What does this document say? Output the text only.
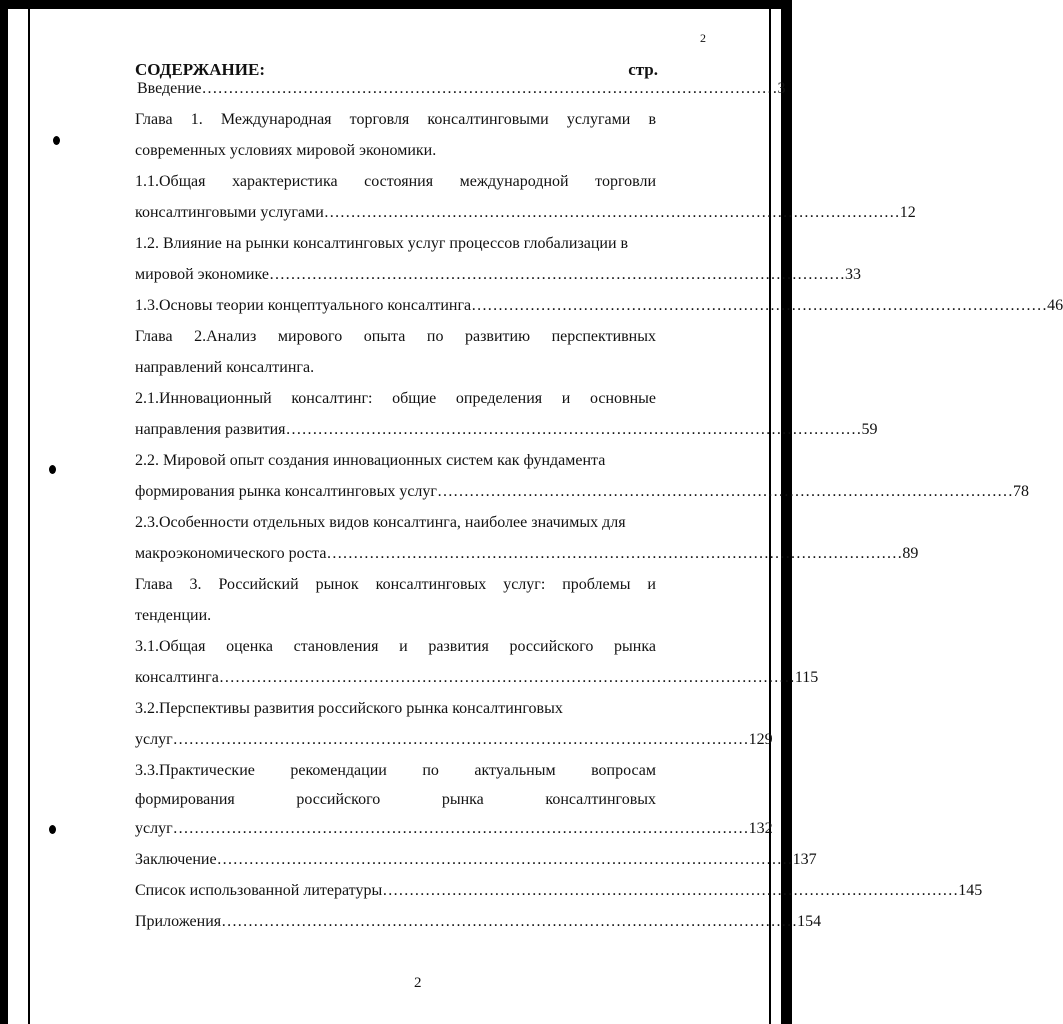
2
СОДЕРЖАНИЕ:	стр.
Введение ……………………………………………………………………………………………… 3
Глава 1. Международная торговля консалтинговыми услугами в
современных условиях мировой экономики.
1.1.Общая характеристика состояния международной торговли
консалтинговыми услугами ……………………………………………………………………………………………… 12
1.2. Влияние на рынки консалтинговых услуг процессов глобализации в
мировой экономике ……………………………………………………………………………………………… 33
1.3.Основы теории концептуального консалтинга ……………………………………………………………………………………………… 46
Глава 2.Анализ мирового опыта по развитию перспективных
направлений консалтинга.
2.1.Инновационный консалтинг: общие определения и основные
направления развития ……………………………………………………………………………………………… 59
2.2. Мировой опыт создания инновационных систем как фундамента
формирования рынка консалтинговых услуг ……………………………………………………………………………………………… 78
2.3.Особенности отдельных видов консалтинга, наиболее значимых для
макроэкономического роста ……………………………………………………………………………………………… 89
Глава 3. Российский рынок консалтинговых услуг: проблемы и
тенденции.
3.1.Общая оценка становления и развития российского рынка
консалтинга ……………………………………………………………………………………………… 115
3.2.Перспективы развития российского рынка консалтинговых
услуг ……………………………………………………………………………………………… 129
3.3.Практические рекомендации по актуальным вопросам
формирования российского рынка консалтинговых
услуг ……………………………………………………………………………………………… 132
Заключение ……………………………………………………………………………………………… 137
Список использованной литературы ……………………………………………………………………………………………… 145
Приложения ……………………………………………………………………………………………… 154
2
